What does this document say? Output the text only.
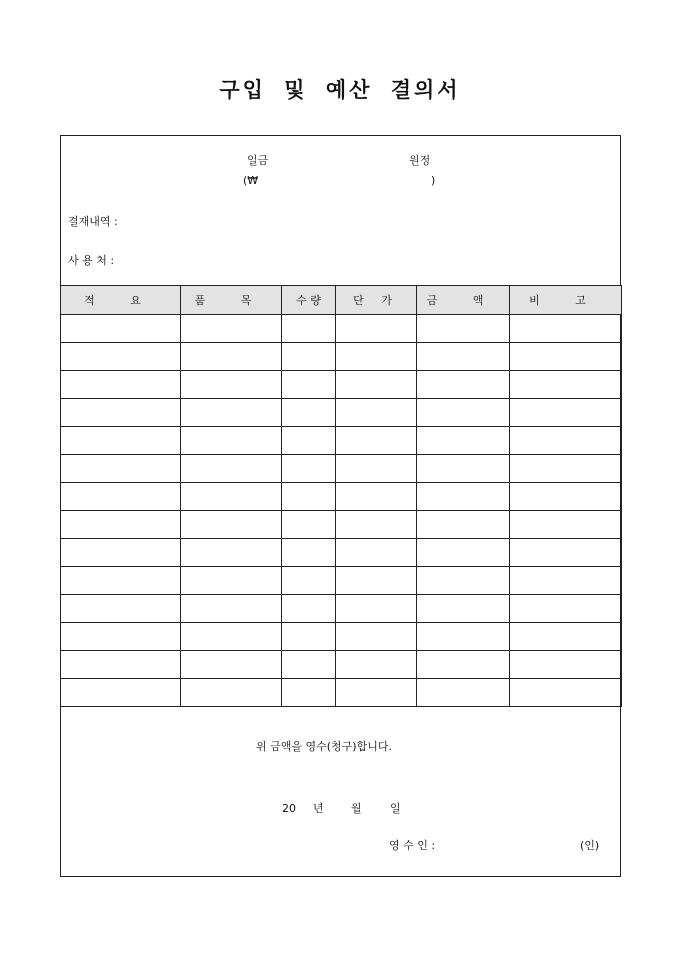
구입 및 예산 결의서
일금	원정
(₩	)
결재내역 :
사 용 처 :
적 요	품 목	수 량	단 가	금 액	비 고

위 금액을 영수(청구)합니다.
20 년 월	일
영 수 인 :	(인)
